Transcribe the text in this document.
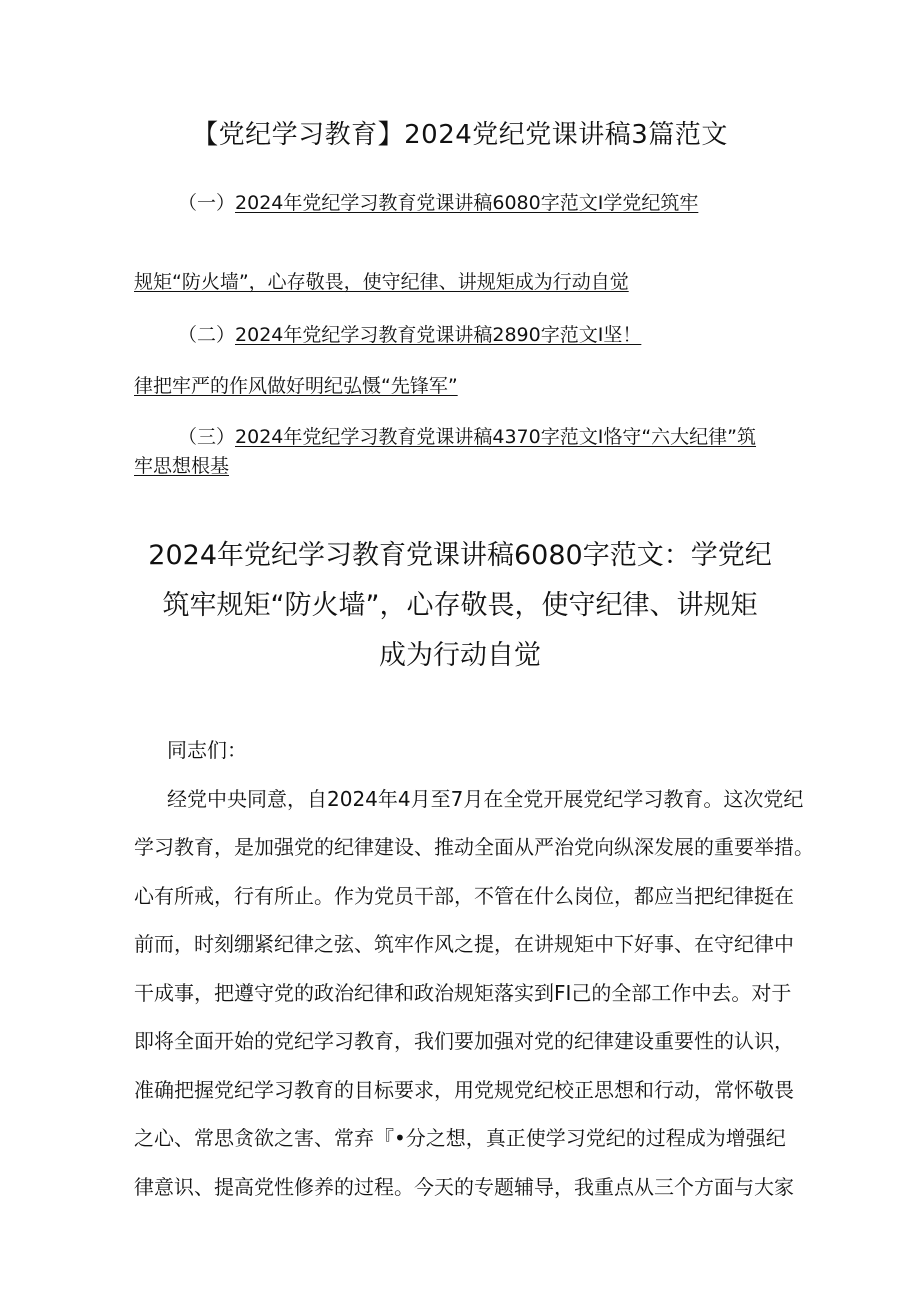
【党纪学习教育】2024党纪党课讲稿3篇范文
（一）2024年党纪学习教育党课讲稿6080字范文I学党纪筑牢
规矩“防火墙”，心存敬畏，使守纪律、讲规矩成为行动自觉
（二）2024年党纪学习教育党课讲稿2890字范文I坚！
律把牢严的作风做好明纪弘慑“先锋军”
（三）2024年党纪学习教育党课讲稿4370字范文I恪守“六大纪律”筑
牢思想根基
2024年党纪学习教育党课讲稿6080字范文：学党纪
筑牢规矩“防火墙”，心存敬畏，使守纪律、讲规矩
成为行动自觉
同志们：
经党中央同意，自2024年4月至7月在全党开展党纪学习教育。这次党纪
学习教育，是加强党的纪律建设、推动全面从严治党向纵深发展的重要举措。
心有所戒，行有所止。作为党员干部，不管在什么岗位，都应当把纪律挺在
前而，时刻绷紧纪律之弦、筑牢作风之提，在讲规矩中下好事、在守纪律中
干成事，把遵守党的政治纪律和政治规矩落实到FI己的全部工作中去。对于
即将全面开始的党纪学习教育，我们要加强对党的纪律建设重要性的认识，
准确把握党纪学习教育的目标要求，用党规党纪校正思想和行动，常怀敬畏
之心、常思贪欲之害、常弃『•分之想，真正使学习党纪的过程成为增强纪
律意识、提高党性修养的过程。今天的专题辅导，我重点从三个方面与大家
